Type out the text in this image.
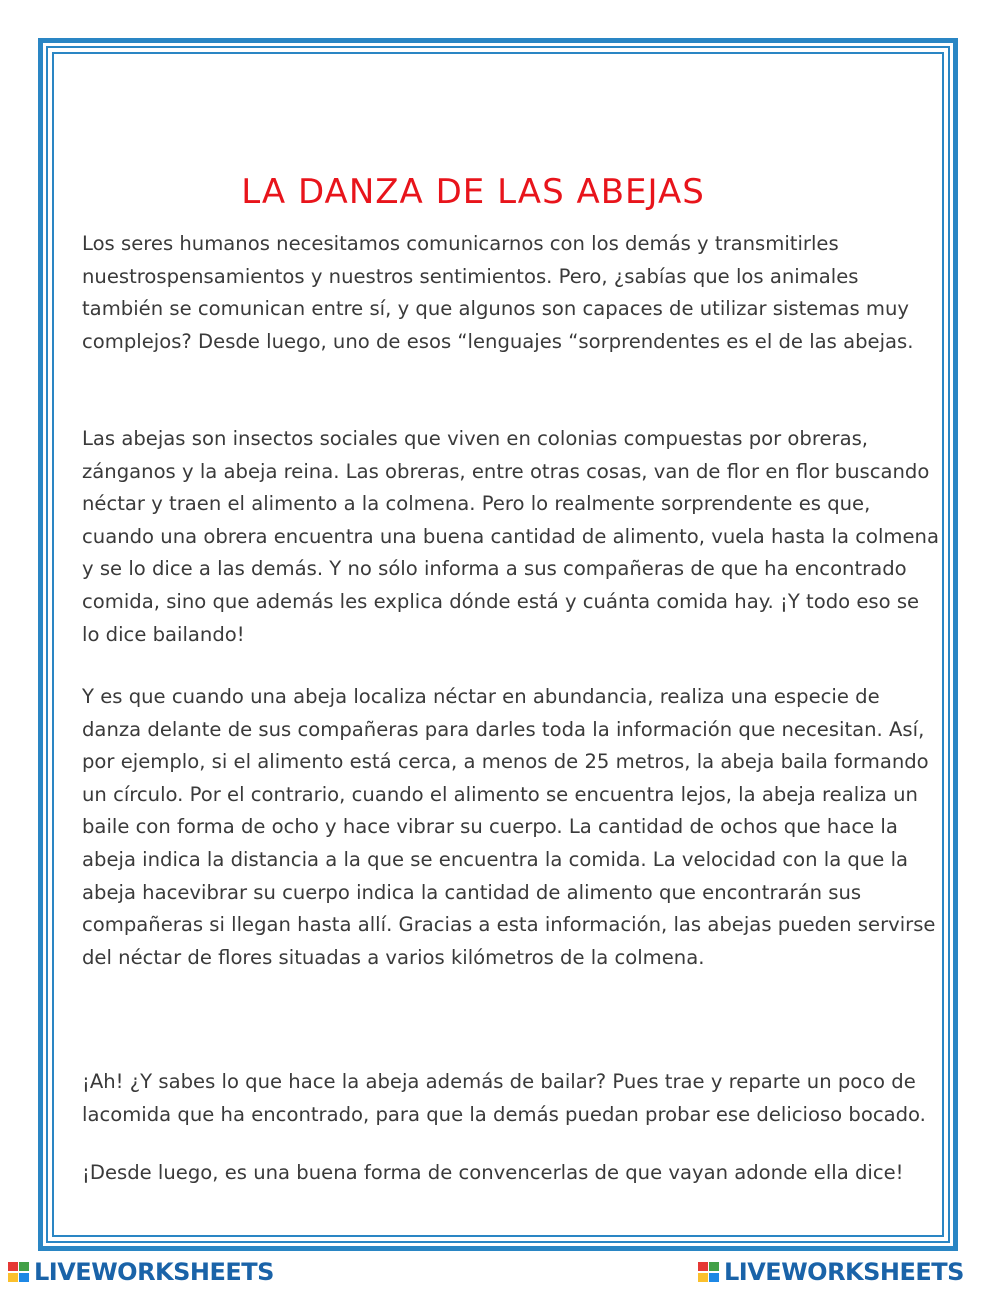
LA DANZA DE LAS ABEJAS

Los seres humanos necesitamos comunicarnos con los demás y transmitirles nuestrospensamientos y nuestros sentimientos. Pero, ¿sabías que los animales también se comunican entre sí, y que algunos son capaces de utilizar sistemas muy complejos? Desde luego, uno de esos “lenguajes “sorprendentes es el de las abejas.

Las abejas son insectos sociales que viven en colonias compuestas por obreras, zánganos y la abeja reina. Las obreras, entre otras cosas, van de flor en flor buscando néctar y traen el alimento a la colmena. Pero lo realmente sorprendente es que, cuando una obrera encuentra una buena cantidad de alimento, vuela hasta la colmena y se lo dice a las demás. Y no sólo informa a sus compañeras de que ha encontrado comida, sino que además les explica dónde está y cuánta comida hay. ¡Y todo eso se lo dice bailando!

Y es que cuando una abeja localiza néctar en abundancia, realiza una especie de danza delante de sus compañeras para darles toda la información que necesitan. Así, por ejemplo, si el alimento está cerca, a menos de 25 metros, la abeja baila formando un círculo. Por el contrario, cuando el alimento se encuentra lejos, la abeja realiza un baile con forma de ocho y hace vibrar su cuerpo. La cantidad de ochos que hace la abeja indica la distancia a la que se encuentra la comida. La velocidad con la que la abeja hacevibrar su cuerpo indica la cantidad de alimento que encontrarán sus compañeras si llegan hasta allí. Gracias a esta información, las abejas pueden servirse del néctar de flores situadas a varios kilómetros de la colmena.

¡Ah! ¿Y sabes lo que hace la abeja además de bailar? Pues trae y reparte un poco de lacomida que ha encontrado, para que la demás puedan probar ese delicioso bocado.

¡Desde luego, es una buena forma de convencerlas de que vayan adonde ella dice!

LIVEWORKSHEETS	LIVEWORKSHEETS
